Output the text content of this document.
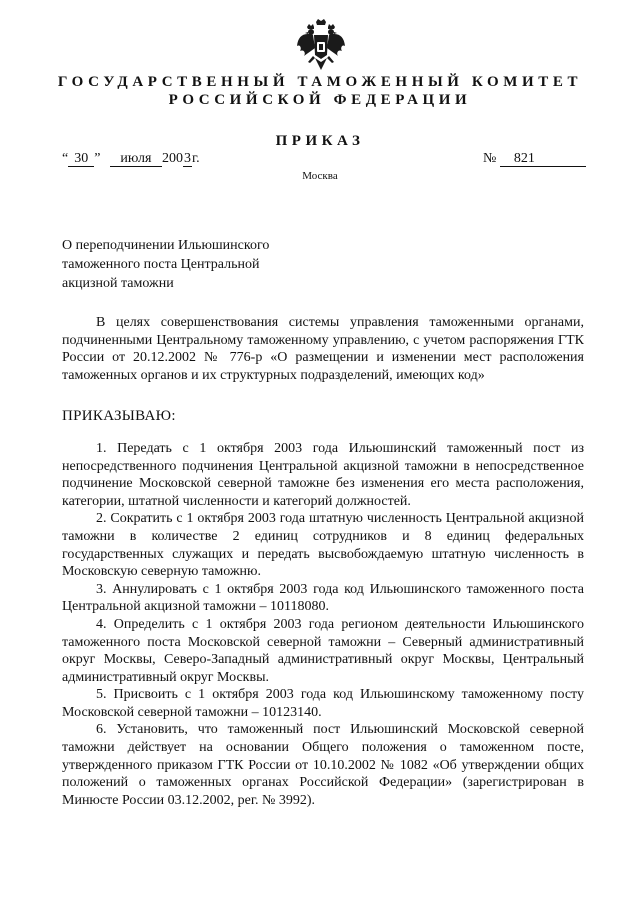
ГОСУДАРСТВЕННЫЙ ТАМОЖЕННЫЙ КОМИТЕТ
РОССИЙСКОЙ ФЕДЕРАЦИИ
ПРИКАЗ
“ 30 ” июля 2003г.	№ 821
Москва
О переподчинении Ильюшинского таможенного поста Центральной акцизной таможни

В целях совершенствования системы управления таможенными органами, подчиненными Центральному таможенному управлению, с учетом распоряжения ГТК России от 20.12.2002 № 776-р «О размещении и изменении мест расположения таможенных органов и их структурных подразделений, имеющих код»

ПРИКАЗЫВАЮ:

1. Передать с 1 октября 2003 года Ильюшинский таможенный пост из непосредственного подчинения Центральной акцизной таможни в непосредственное подчинение Московской северной таможне без изменения его места расположения, категории, штатной численности и категорий должностей.

2. Сократить с 1 октября 2003 года штатную численность Центральной акцизной таможни в количестве 2 единиц сотрудников и 8 единиц федеральных государственных служащих и передать высвобождаемую штатную численность в Московскую северную таможню.

3. Аннулировать с 1 октября 2003 года код Ильюшинского таможенного поста Центральной акцизной таможни – 10118080.

4. Определить с 1 октября 2003 года регионом деятельности Ильюшинского таможенного поста Московской северной таможни – Северный административный округ Москвы, Северо-Западный административный округ Москвы, Центральный административный округ Москвы.

5. Присвоить с 1 октября 2003 года код Ильюшинскому таможенному посту Московской северной таможни – 10123140.

6. Установить, что таможенный пост Ильюшинский Московской северной таможни действует на основании Общего положения о таможенном посте, утвержденного приказом ГТК России от 10.10.2002 № 1082 «Об утверждении общих положений о таможенных органах Российской Федерации» (зарегистрирован в Минюсте России 03.12.2002, рег. № 3992).
